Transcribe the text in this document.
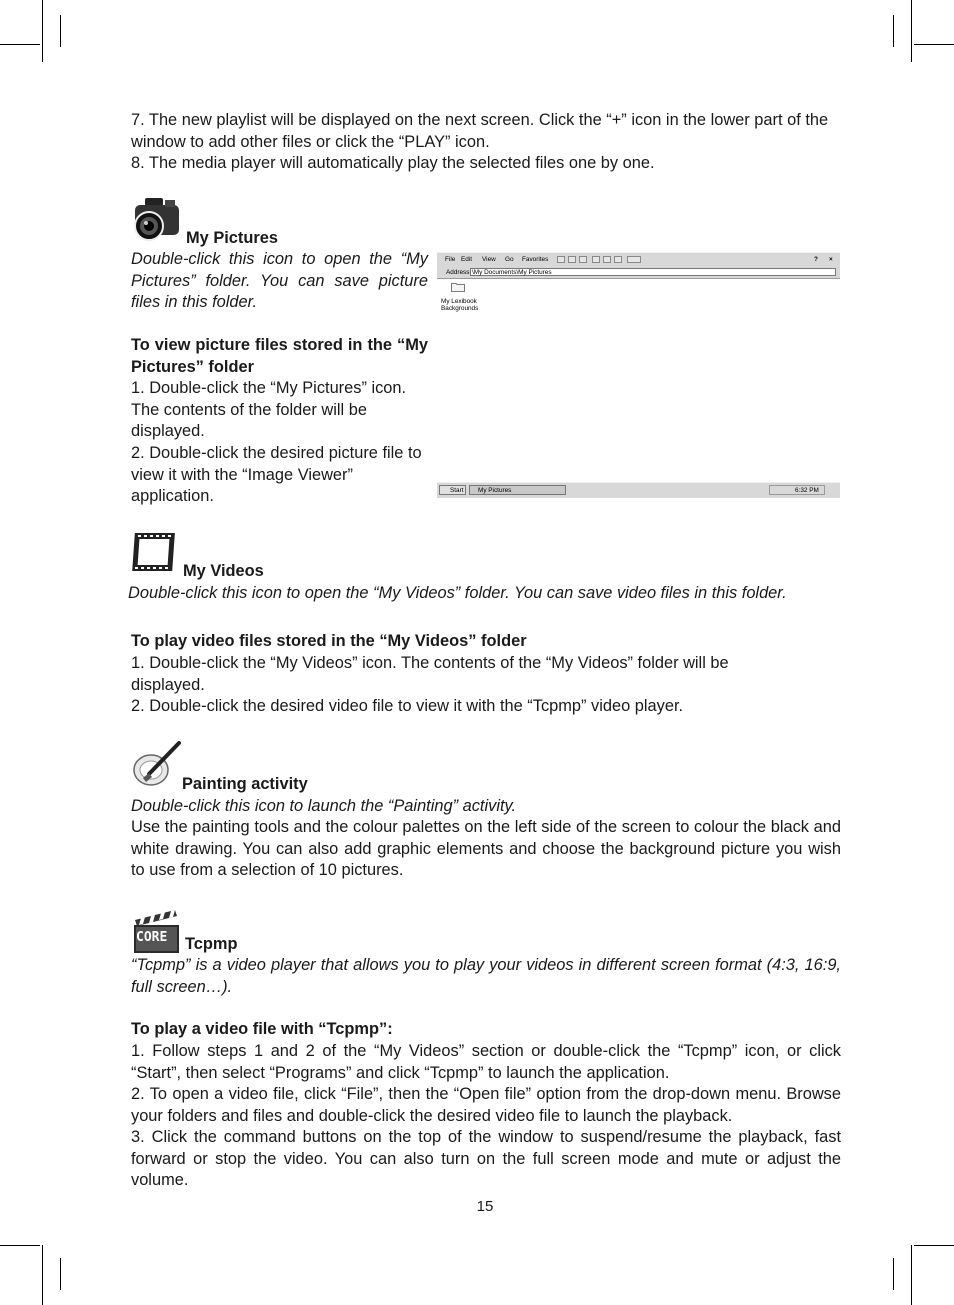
7. The new playlist will be displayed on the next screen. Click the “+” icon in the lower part of the window to add other files or click the “PLAY” icon.

8. The media player will automatically play the selected files one by one.

My Pictures

Double-click this icon to open the “My Pictures” folder. You can save picture files in this folder.

To view picture files stored in the “My Pictures” folder

1. Double-click the “My Pictures” icon. The contents of the folder will be displayed.

2. Double-click the desired picture file to view it with the “Image Viewer” application.

File Edit View Go Favorites	? ×
Address \My Documents\My Pictures
My Lexibook Backgrounds
Start My Pictures	6:32 PM
My Videos

Double-click this icon to open the “My Videos” folder. You can save video files in this folder.

To play video files stored in the “My Videos” folder

1. Double-click the “My Videos” icon. The contents of the “My Videos” folder will be displayed.

2. Double-click the desired video file to view it with the “Tcpmp” video player.

Painting activity

Double-click this icon to launch the “Painting” activity.

Use the painting tools and the colour palettes on the left side of the screen to colour the black and white drawing. You can also add graphic elements and choose the background picture you wish to use from a selection of 10 pictures.

CORE Tcpmp

“Tcpmp” is a video player that allows you to play your videos in different screen format (4:3, 16:9, full screen…).

To play a video file with “Tcpmp”:

1. Follow steps 1 and 2 of the “My Videos” section or double-click the “Tcpmp” icon, or click “Start”, then select “Programs” and click “Tcpmp” to launch the application.

2. To open a video file, click “File”, then the “Open file” option from the drop-down menu. Browse your folders and files and double-click the desired video file to launch the playback.

3. Click the command buttons on the top of the window to suspend/resume the playback, fast forward or stop the video. You can also turn on the full screen mode and mute or adjust the volume.

15
